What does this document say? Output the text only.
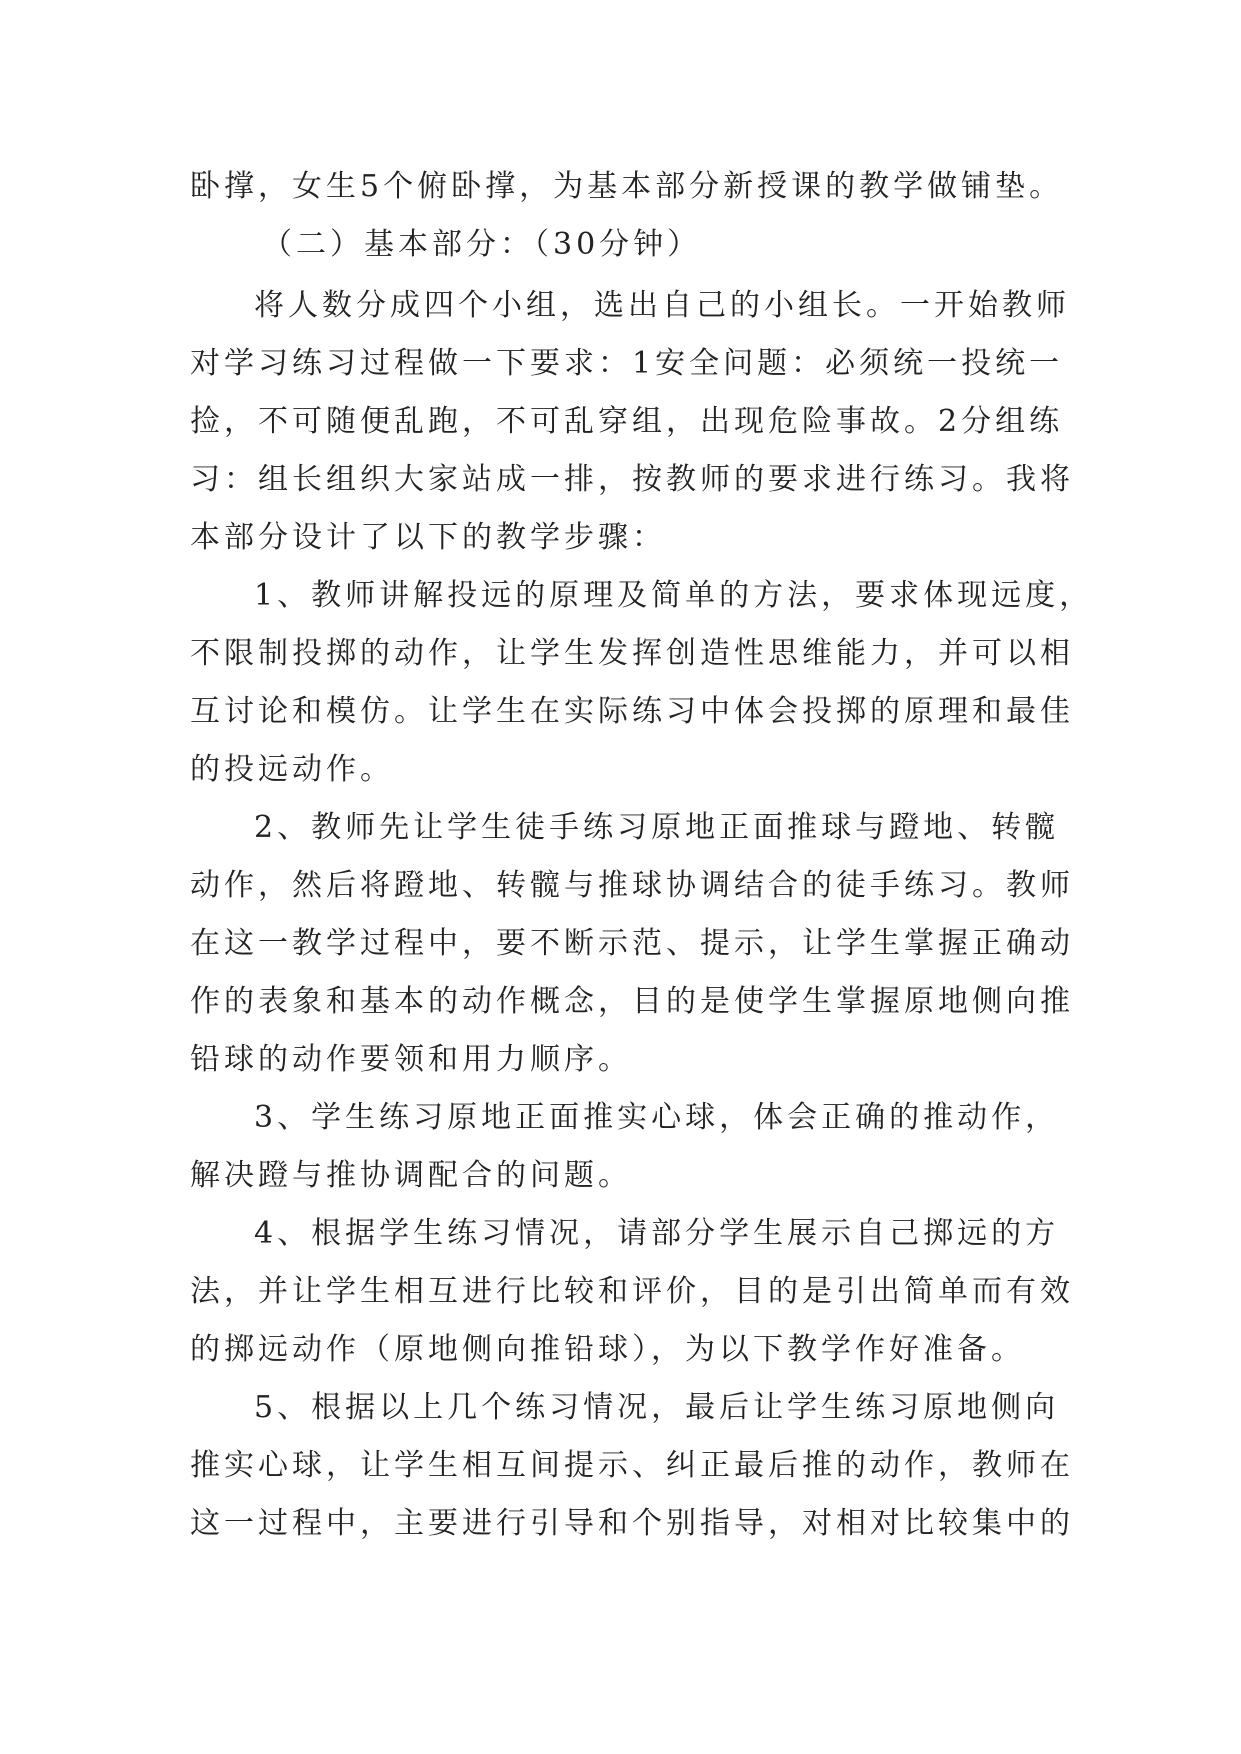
卧撑，女生5个俯卧撑，为基本部分新授课的教学做铺垫。
（二）基本部分：（30分钟）
将人数分成四个小组，选出自己的小组长。一开始教师
对学习练习过程做一下要求：1安全问题：必须统一投统一
捡，不可随便乱跑，不可乱穿组，出现危险事故。2分组练
习：组长组织大家站成一排，按教师的要求进行练习。我将
本部分设计了以下的教学步骤：
1、教师讲解投远的原理及简单的方法，要求体现远度，
不限制投掷的动作，让学生发挥创造性思维能力，并可以相
互讨论和模仿。让学生在实际练习中体会投掷的原理和最佳
的投远动作。
2、教师先让学生徒手练习原地正面推球与蹬地、转髋
动作，然后将蹬地、转髋与推球协调结合的徒手练习。教师
在这一教学过程中，要不断示范、提示，让学生掌握正确动
作的表象和基本的动作概念，目的是使学生掌握原地侧向推
铅球的动作要领和用力顺序。
3、学生练习原地正面推实心球，体会正确的推动作，
解决蹬与推协调配合的问题。
4、根据学生练习情况，请部分学生展示自己掷远的方
法，并让学生相互进行比较和评价，目的是引出简单而有效
的掷远动作（原地侧向推铅球），为以下教学作好准备。
5、根据以上几个练习情况，最后让学生练习原地侧向
推实心球，让学生相互间提示、纠正最后推的动作，教师在
这一过程中，主要进行引导和个别指导，对相对比较集中的
